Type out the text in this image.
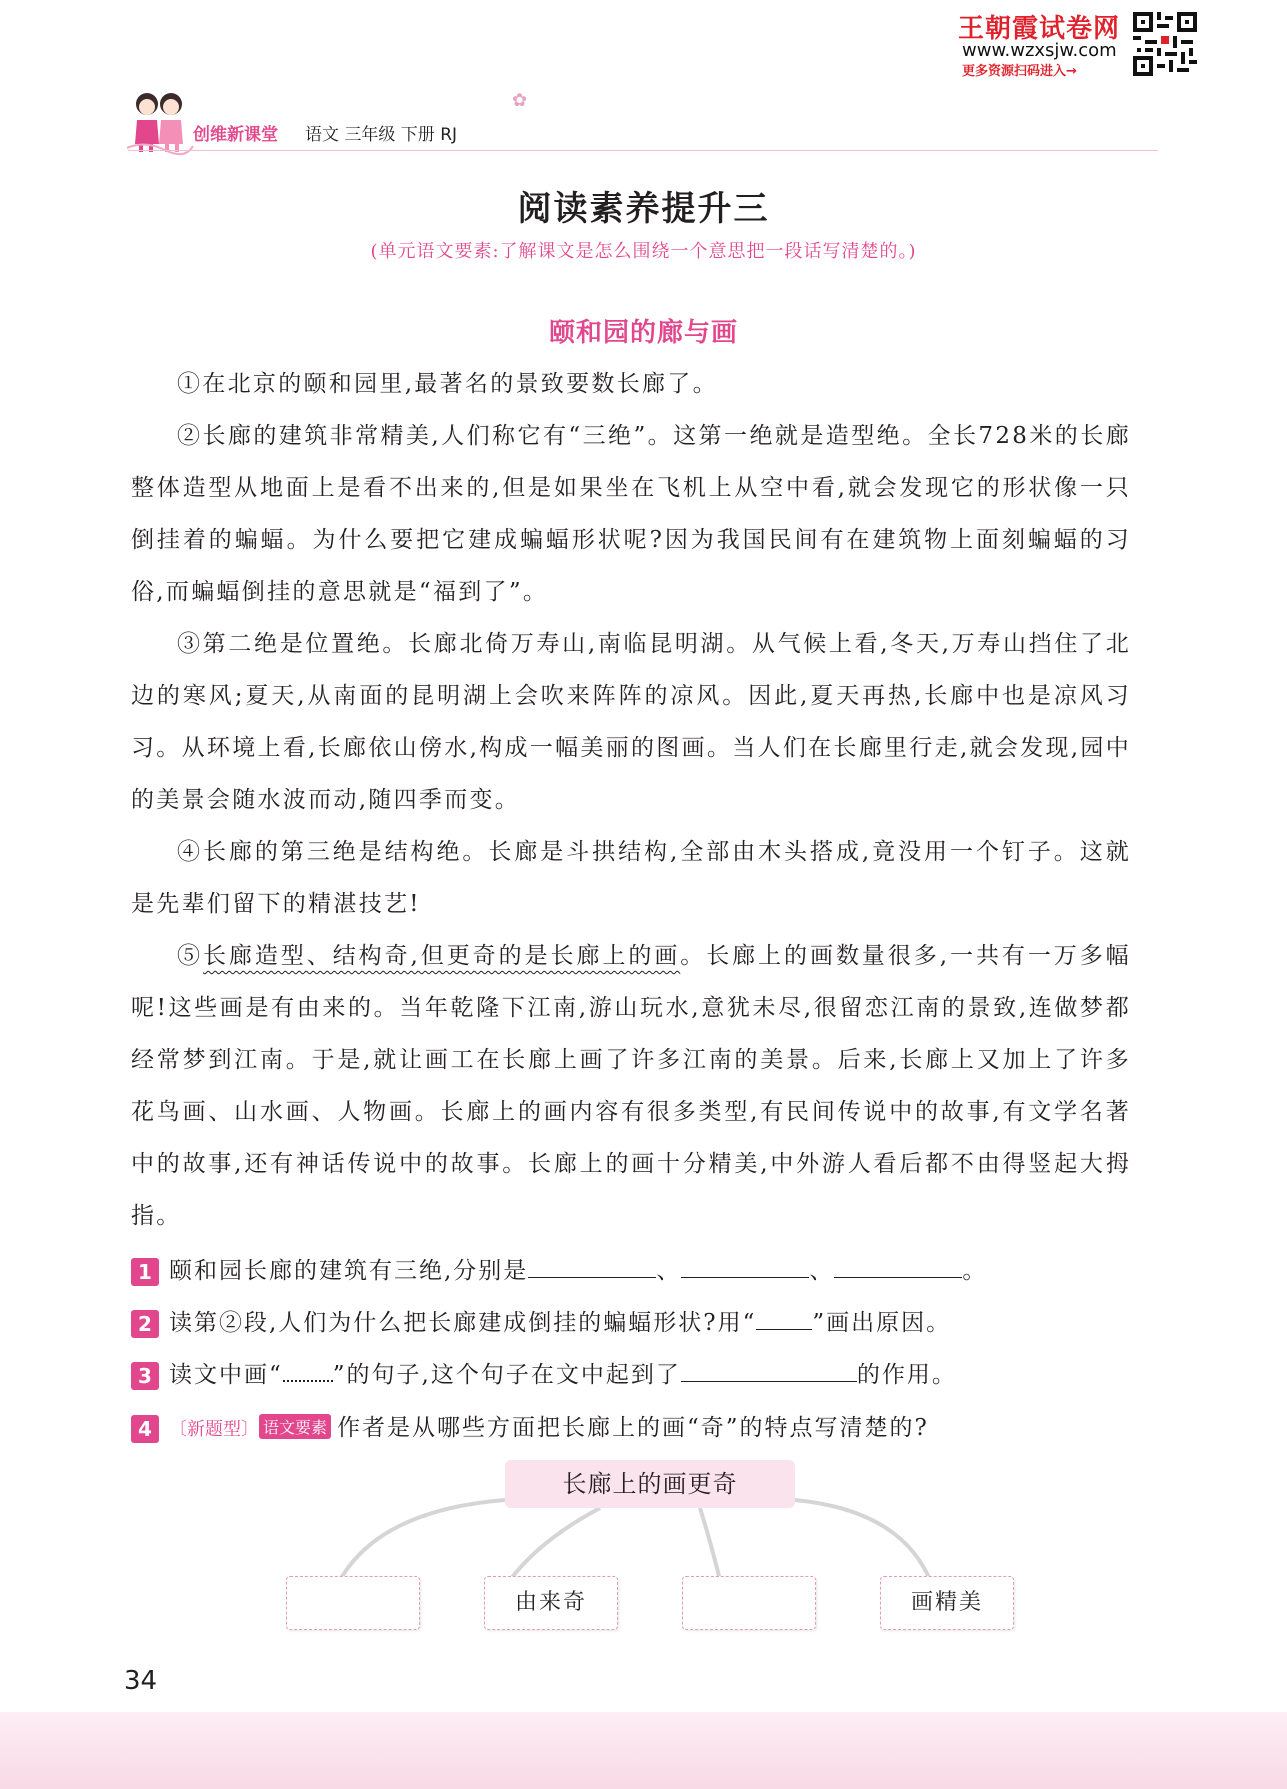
王朝霞试卷网
www.wzxsjw.com
更多资源扫码进入→
创维新课堂 语文 三年级 下册 RJ
✿
阅读素养提升三
(单元语文要素:了解课文是怎么围绕一个意思把一段话写清楚的。)
颐和园的廊与画

①在北京的颐和园里,最著名的景致要数长廊了。

②长廊的建筑非常精美,人们称它有“三绝”。这第一绝就是造型绝。全长728米的长廊整体造型从地面上是看不出来的,但是如果坐在飞机上从空中看,就会发现它的形状像一只倒挂着的蝙蝠。为什么要把它建成蝙蝠形状呢?因为我国民间有在建筑物上面刻蝙蝠的习俗,而蝙蝠倒挂的意思就是“福到了”。

③第二绝是位置绝。长廊北倚万寿山,南临昆明湖。从气候上看,冬天,万寿山挡住了北边的寒风;夏天,从南面的昆明湖上会吹来阵阵的凉风。因此,夏天再热,长廊中也是凉风习习。从环境上看,长廊依山傍水,构成一幅美丽的图画。当人们在长廊里行走,就会发现,园中的美景会随水波而动,随四季而变。

④长廊的第三绝是结构绝。长廊是斗拱结构,全部由木头搭成,竟没用一个钉子。这就是先辈们留下的精湛技艺!

⑤长廊造型、结构奇,但更奇的是长廊上的画。长廊上的画数量很多,一共有一万多幅呢!这些画是有由来的。当年乾隆下江南,游山玩水,意犹未尽,很留恋江南的景致,连做梦都经常梦到江南。于是,就让画工在长廊上画了许多江南的美景。后来,长廊上又加上了许多花鸟画、山水画、人物画。长廊上的画内容有很多类型,有民间传说中的故事,有文学名著中的故事,还有神话传说中的故事。长廊上的画十分精美,中外游人看后都不由得竖起大拇指。

1 颐和园长廊的建筑有三绝,分别是	、	、	。
2 读第②段,人们为什么把长廊建成倒挂的蝙蝠形状?用“ ”画出原因。
3 读文中画“ ”的句子,这个句子在文中起到了	的作用。
4 〔新题型〕 语文要素 作者是从哪些方面把长廊上的画“奇”的特点写清楚的?
长廊上的画更奇
由来奇	画精美
34
